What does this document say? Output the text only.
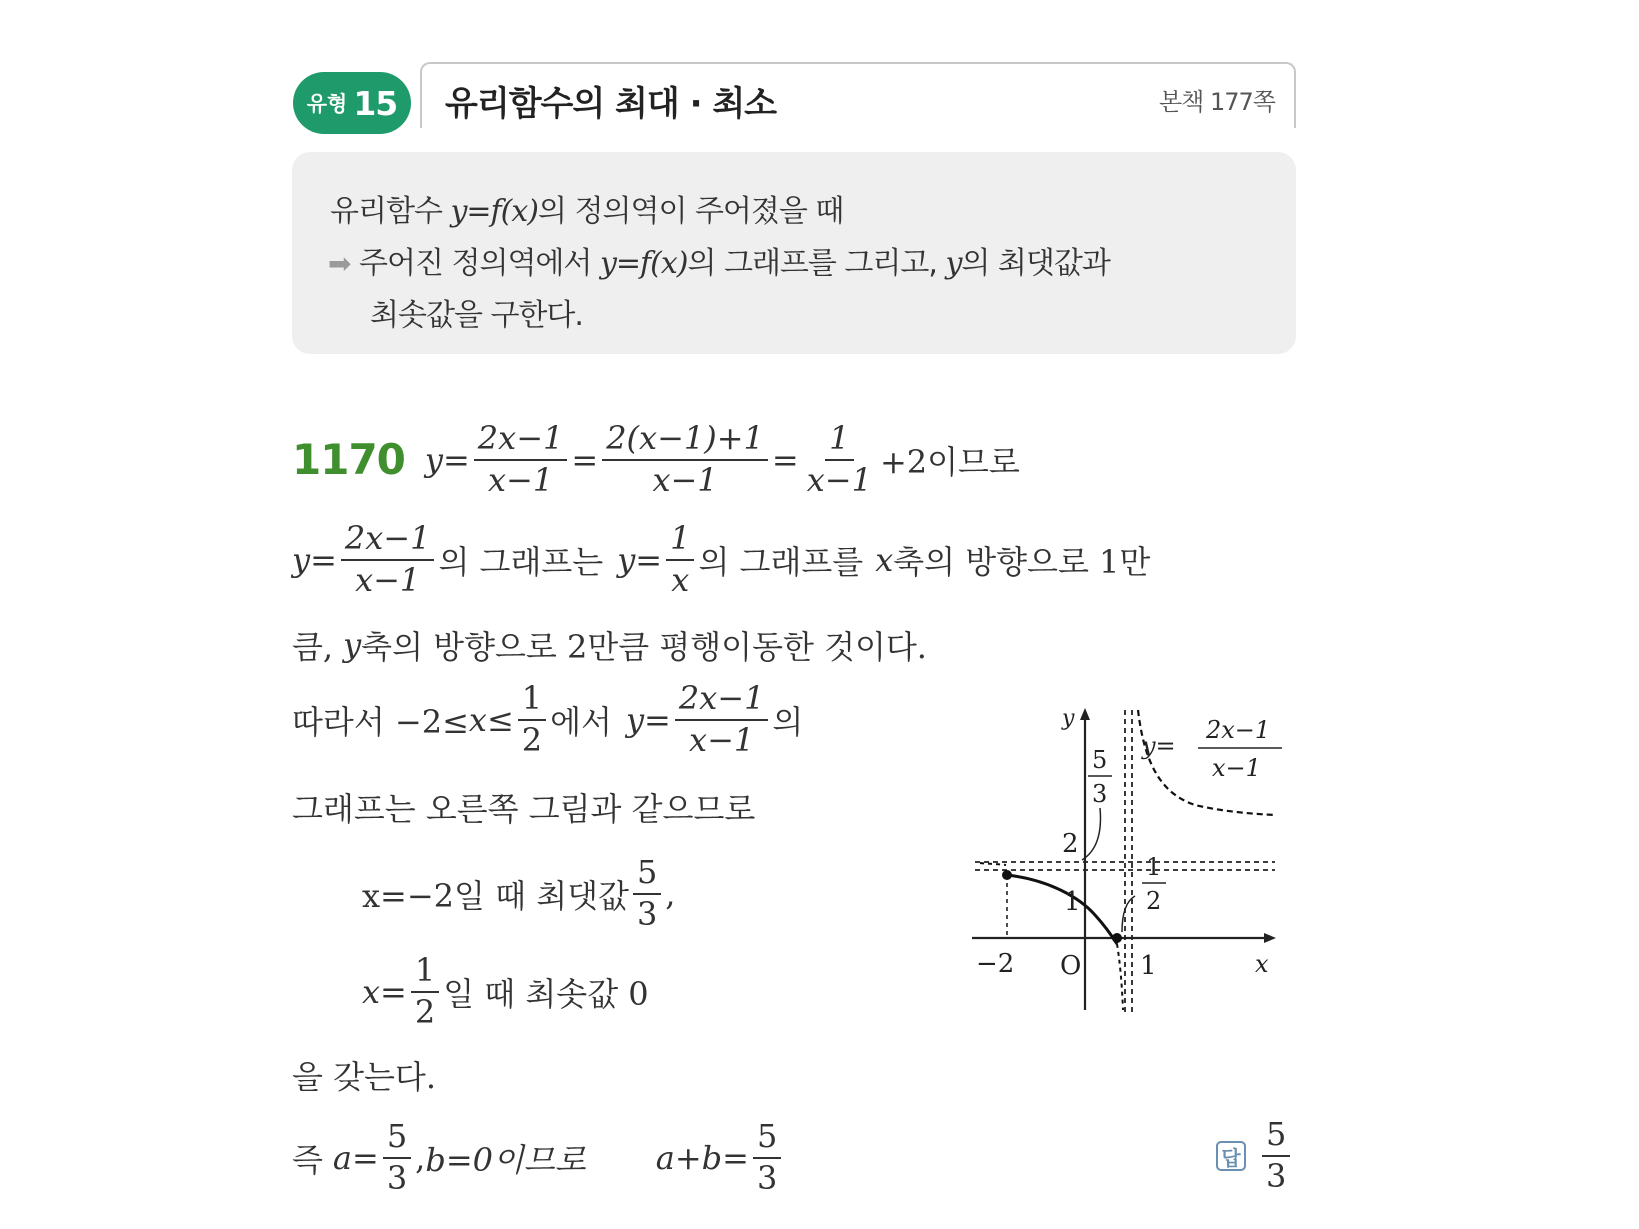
유형 15 유리함수의 최대 · 최소	본책 177쪽
유리함수 y=f(x)의 정의역이 주어졌을 때
➡ 주어진 정의역에서 y=f(x)의 그래프를 그리고, y의 최댓값과
최솟값을 구한다.
1170 $y= \frac{2x-1}{x-1} = \frac{2(x-1)+1}{x-1} = \frac{1}{x-1} +2$이므로
$y= \frac{2x-1}{x-1}$ 의 그래프는 $y= \frac{1}{x}$ 의 그래프를 x 축의 방향으로 1만
큼, y 축의 방향으로 2만큼 평행이동한 것이다.
따라서 $-2\le x \le \frac{1}{2}$ 에서 $y= \frac{2x-1}{x-1}$ 의
그래프는 오른쪽 그림과 같으므로
x=−2일 때 최댓값 $\frac{5}{3}$ ,
$x= \frac{1}{2}$ 일 때 최솟값 0
을 갖는다.
즉 $a= \frac{5}{3}$ , b=0이므로 $a+b= \frac{5}{3}$	답 $\frac{5}{3}$
y
x
O
−2	1
2
1
5
3
1
2
y=
2x−1
x−1
